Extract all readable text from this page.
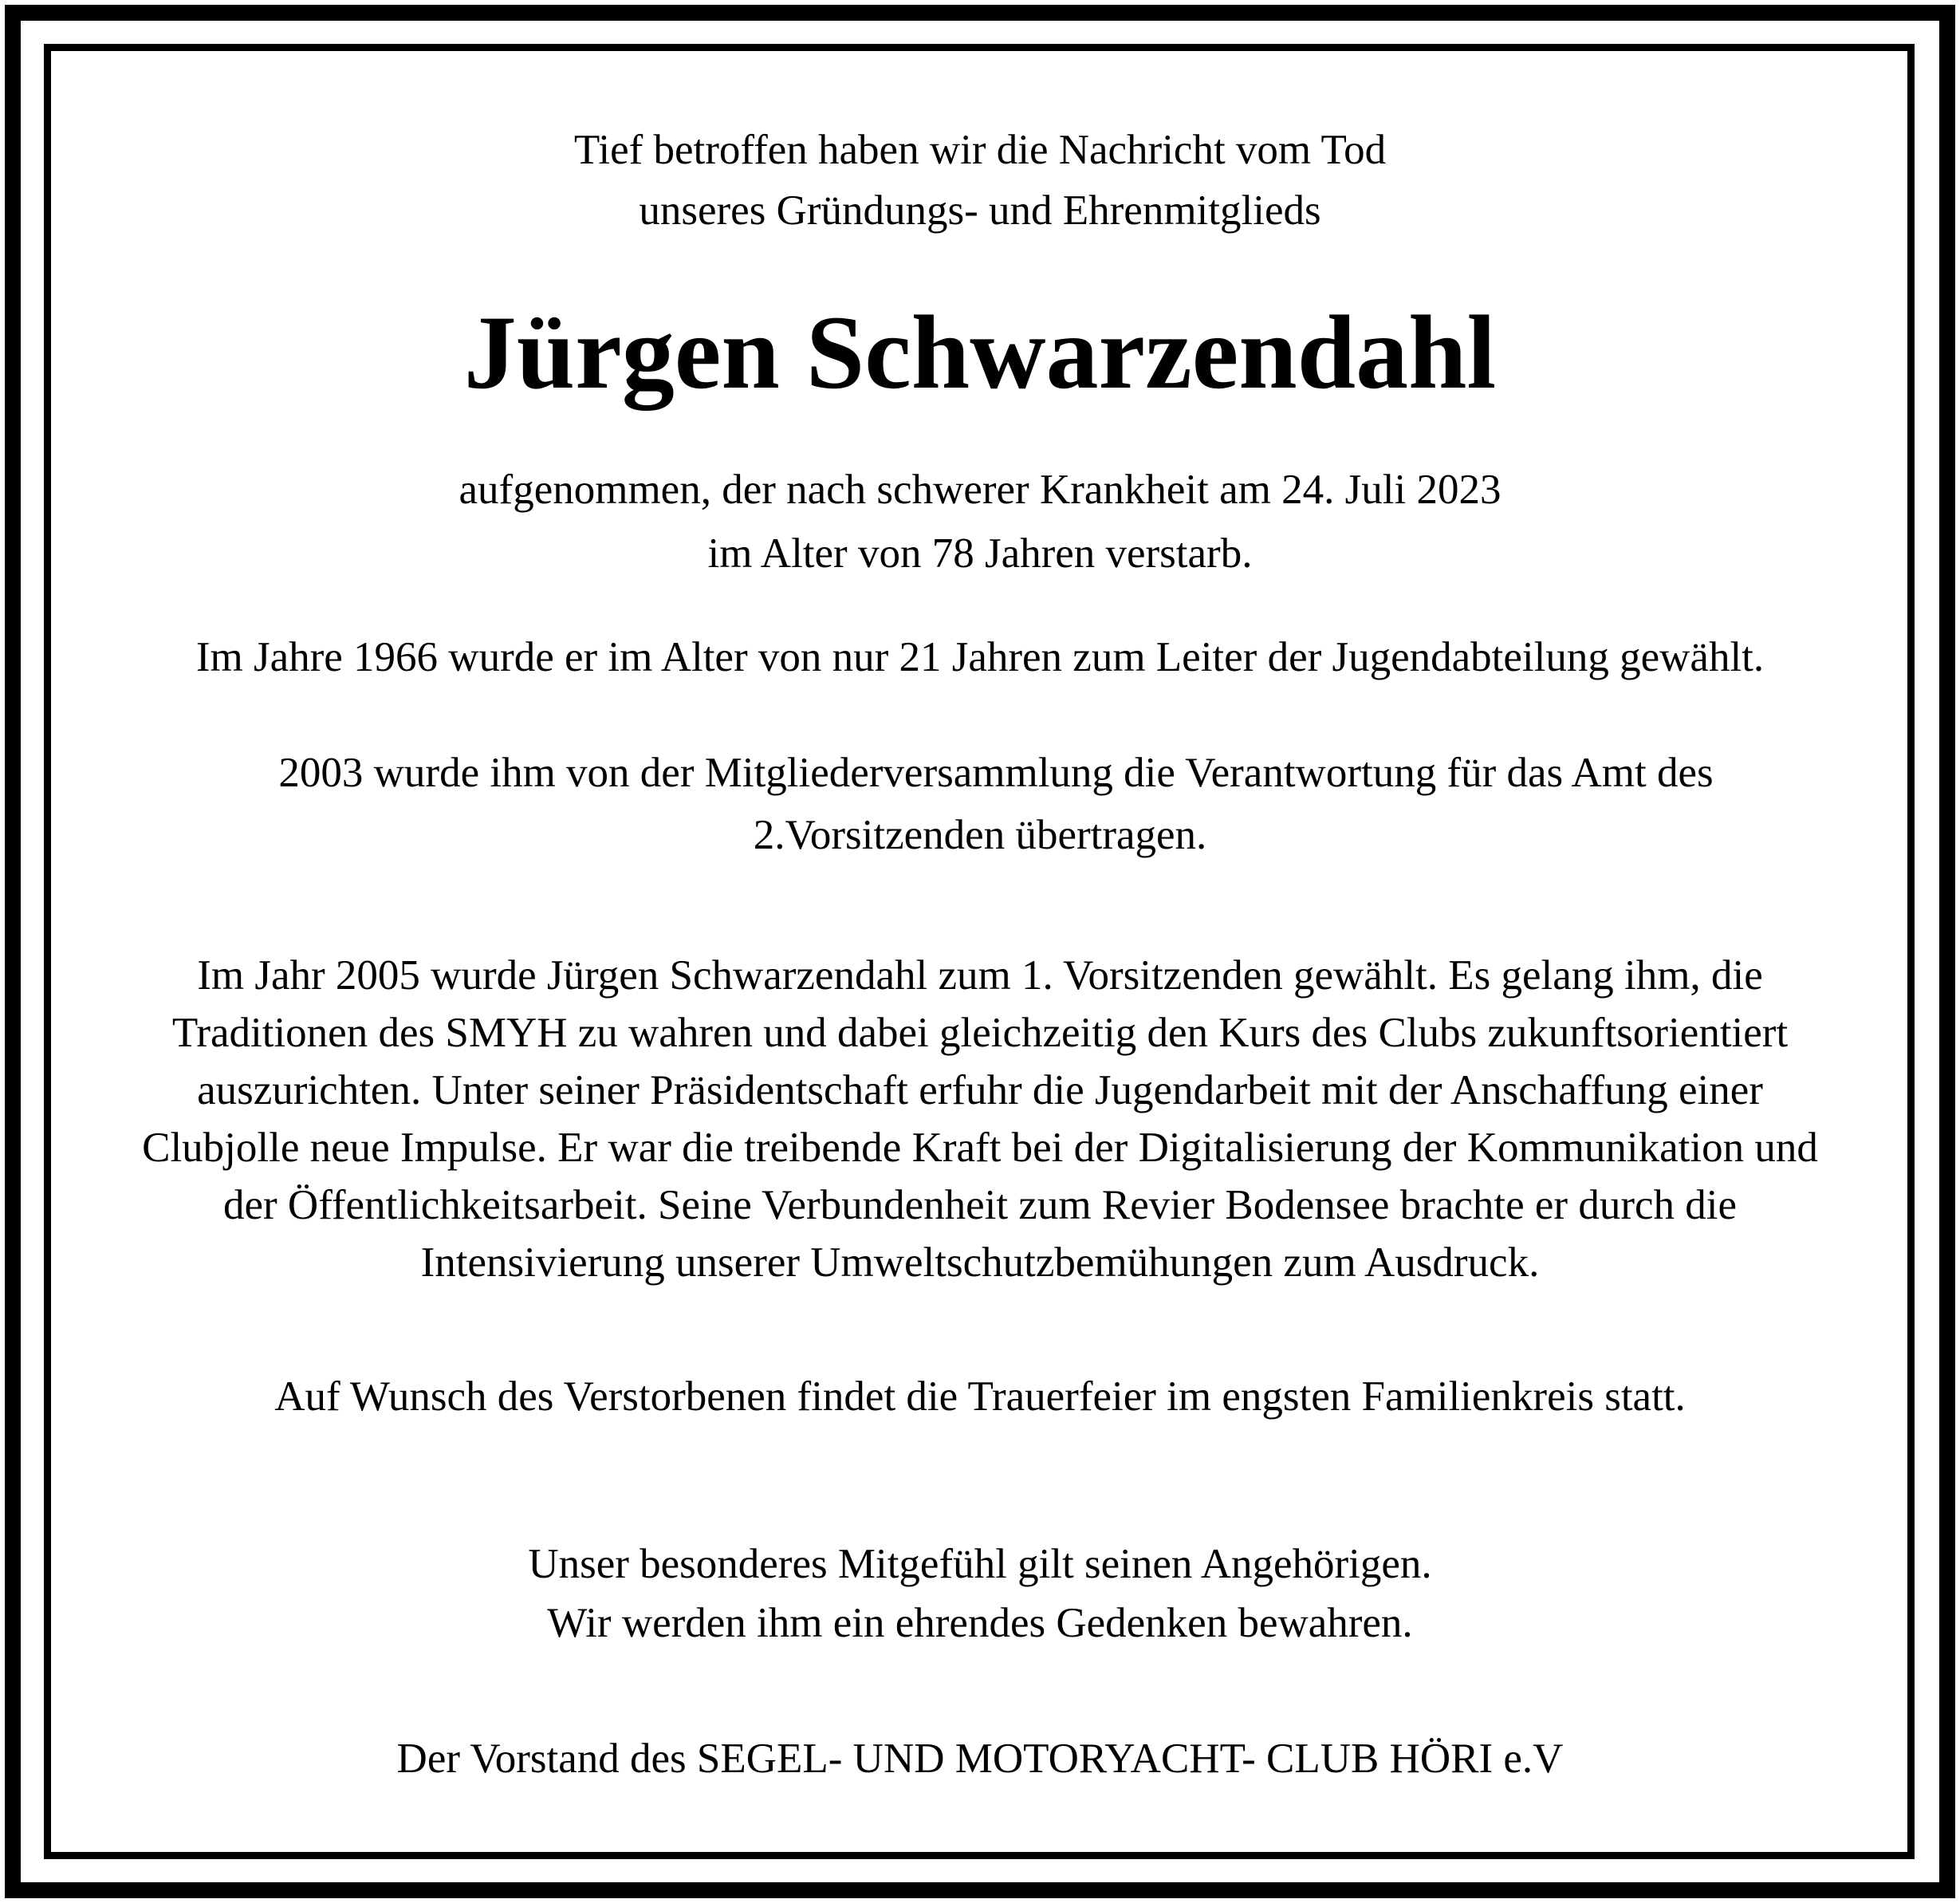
Tief betroffen haben wir die Nachricht vom Tod
unseres Gründungs- und Ehrenmitglieds
Jürgen Schwarzendahl
aufgenommen, der nach schwerer Krankheit am 24. Juli 2023
im Alter von 78 Jahren verstarb.
Im Jahre 1966 wurde er im Alter von nur 21 Jahren zum Leiter der Jugendabteilung gewählt.
2003 wurde ihm von der Mitgliederversammlung die Verantwortung für das Amt des
2.Vorsitzenden übertragen.
Im Jahr 2005 wurde Jürgen Schwarzendahl zum 1. Vorsitzenden gewählt. Es gelang ihm, die
Traditionen des SMYH zu wahren und dabei gleichzeitig den Kurs des Clubs zukunftsorientiert
auszurichten. Unter seiner Präsidentschaft erfuhr die Jugendarbeit mit der Anschaffung einer
Clubjolle neue Impulse. Er war die treibende Kraft bei der Digitalisierung der Kommunikation und
der Öffentlichkeitsarbeit. Seine Verbundenheit zum Revier Bodensee brachte er durch die
Intensivierung unserer Umweltschutzbemühungen zum Ausdruck.
Auf Wunsch des Verstorbenen findet die Trauerfeier im engsten Familienkreis statt.
Unser besonderes Mitgefühl gilt seinen Angehörigen.
Wir werden ihm ein ehrendes Gedenken bewahren.
Der Vorstand des SEGEL- UND MOTORYACHT- CLUB HÖRI e.V
